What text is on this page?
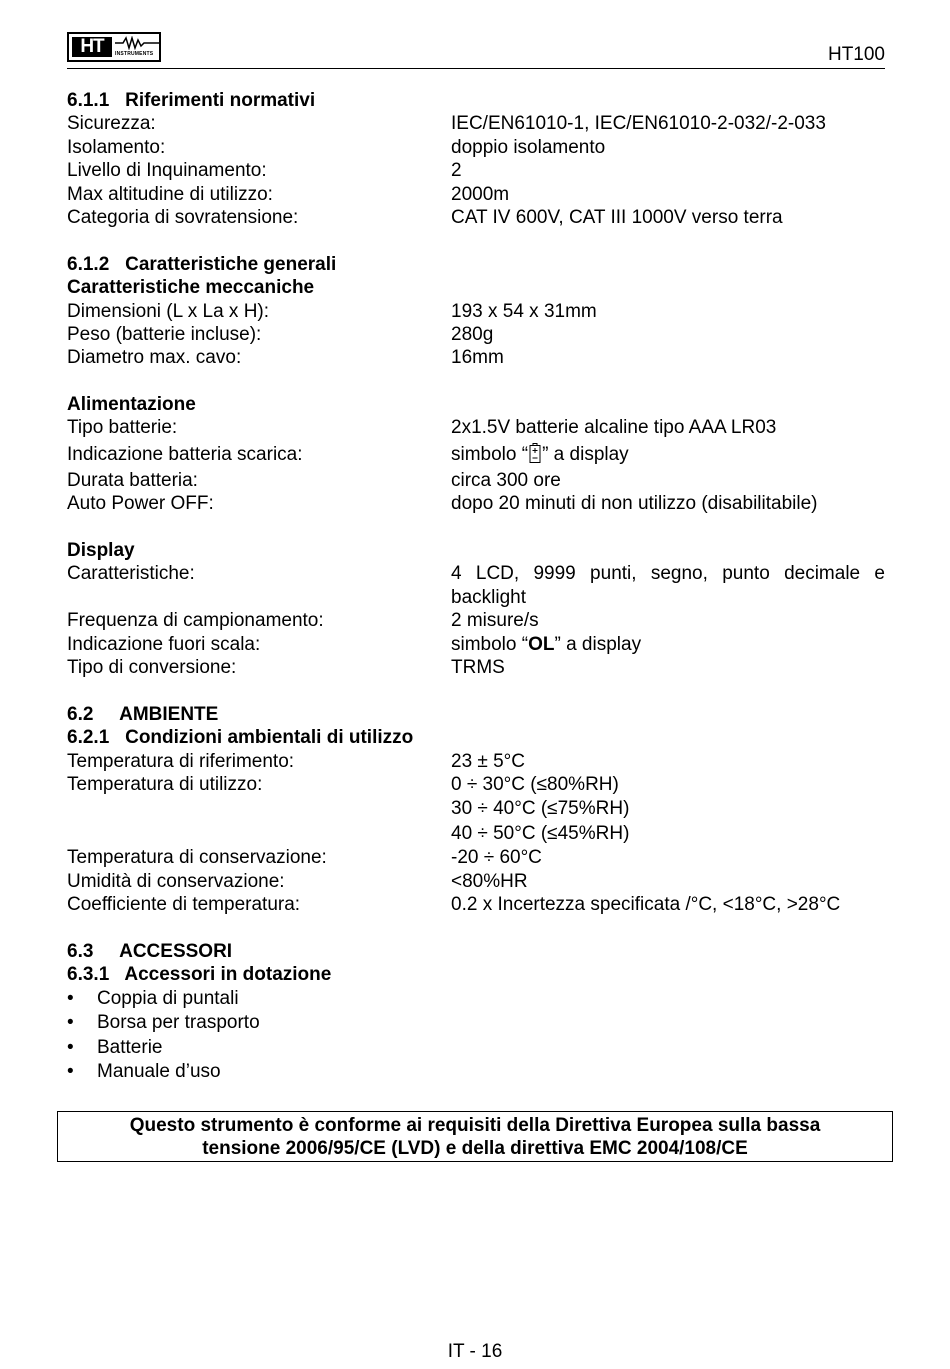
HT	INSTRUMENTS	HT100
6.1.1   Riferimenti normativi
Sicurezza:	IEC/EN61010-1, IEC/EN61010-2-032/-2-033
Isolamento:	doppio isolamento
Livello di Inquinamento:	2
Max altitudine di utilizzo:	2000m
Categoria di sovratensione:	CAT IV 600V, CAT III 1000V verso terra
6.1.2   Caratteristiche generali
Caratteristiche meccaniche
Dimensioni (L x La x H):	193 x 54 x 31mm
Peso (batterie incluse):	280g
Diametro max. cavo:	16mm
Alimentazione
Tipo batterie:	2x1.5V batterie alcaline tipo AAA LR03
Indicazione batteria scarica:	simbolo “ ” a display
Durata batteria:	circa 300 ore
Auto Power OFF:	dopo 20 minuti di non utilizzo (disabilitabile)
Display
Caratteristiche:	4 LCD, 9999 punti, segno, punto decimale e
backlight
Frequenza di campionamento:	2 misure/s
Indicazione fuori scala:	simbolo “OL” a display
Tipo di conversione:	TRMS
6.2     AMBIENTE
6.2.1   Condizioni ambientali di utilizzo
Temperatura di riferimento:	23 ± 5°C
Temperatura di utilizzo:	0 ÷ 30°C (≤80%RH)
30 ÷ 40°C (≤75%RH)
40 ÷ 50°C (≤45%RH)
Temperatura di conservazione:	-20 ÷ 60°C
Umidità di conservazione:	<80%HR
Coefficiente di temperatura:	0.2 x Incertezza specificata /°C, <18°C, >28°C
6.3     ACCESSORI
6.3.1   Accessori in dotazione
•	Coppia di puntali
•	Borsa per trasporto
•	Batterie
•	Manuale d’uso
Questo strumento è conforme ai requisiti della Direttiva Europea sulla bassa
tensione 2006/95/CE (LVD) e della direttiva EMC 2004/108/CE
IT - 16
